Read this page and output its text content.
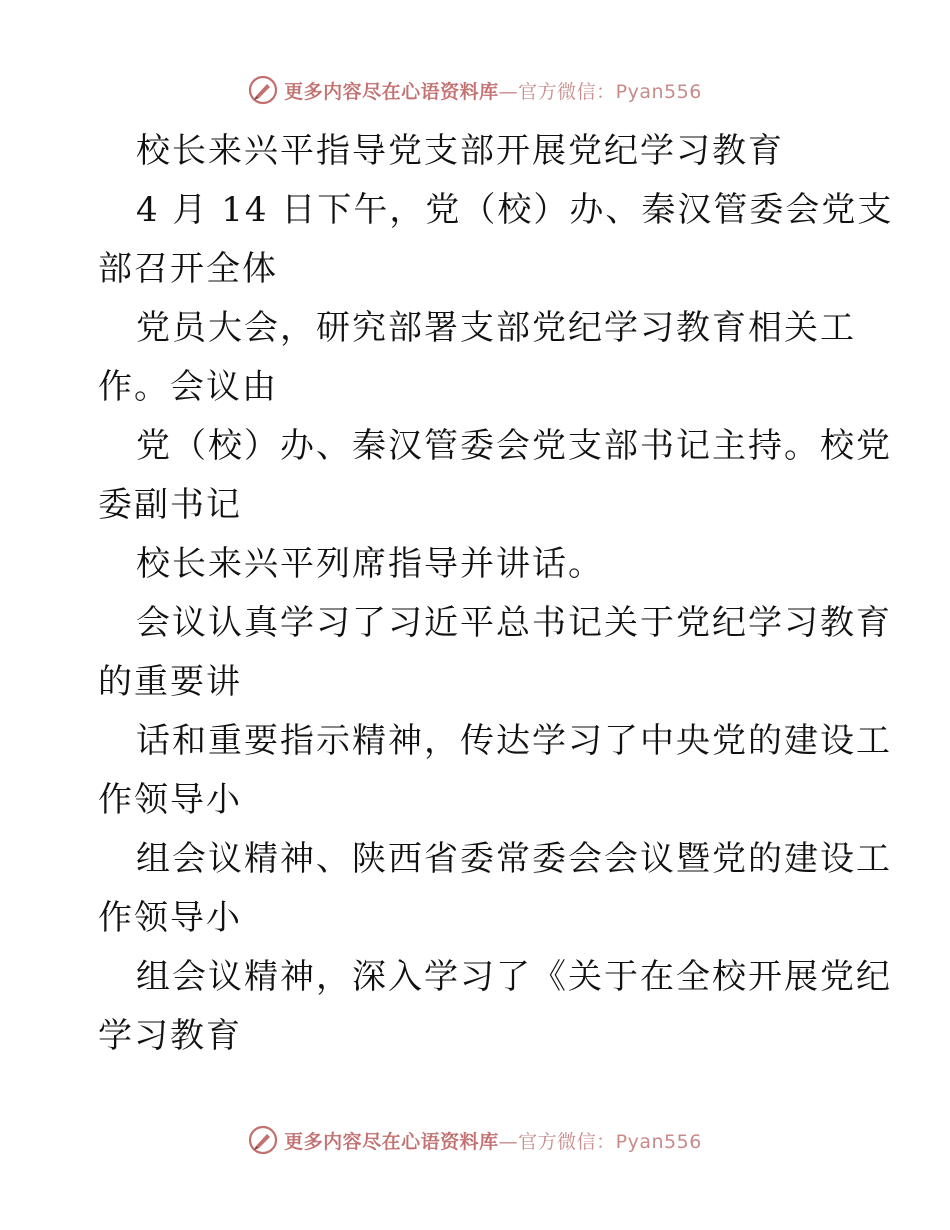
更多内容尽在心语资料库—官方微信：Pyan556
校长来兴平指导党支部开展党纪学习教育
4 月 14 日下午，党（校）办、秦汉管委会党支
部召开全体
党员大会，研究部署支部党纪学习教育相关工
作。会议由
党（校）办、秦汉管委会党支部书记主持。校党
委副书记
校长来兴平列席指导并讲话。
会议认真学习了习近平总书记关于党纪学习教育
的重要讲
话和重要指示精神，传达学习了中央党的建设工
作领导小
组会议精神、陕西省委常委会会议暨党的建设工
作领导小
组会议精神，深入学习了《关于在全校开展党纪
学习教育
更多内容尽在心语资料库—官方微信：Pyan556
